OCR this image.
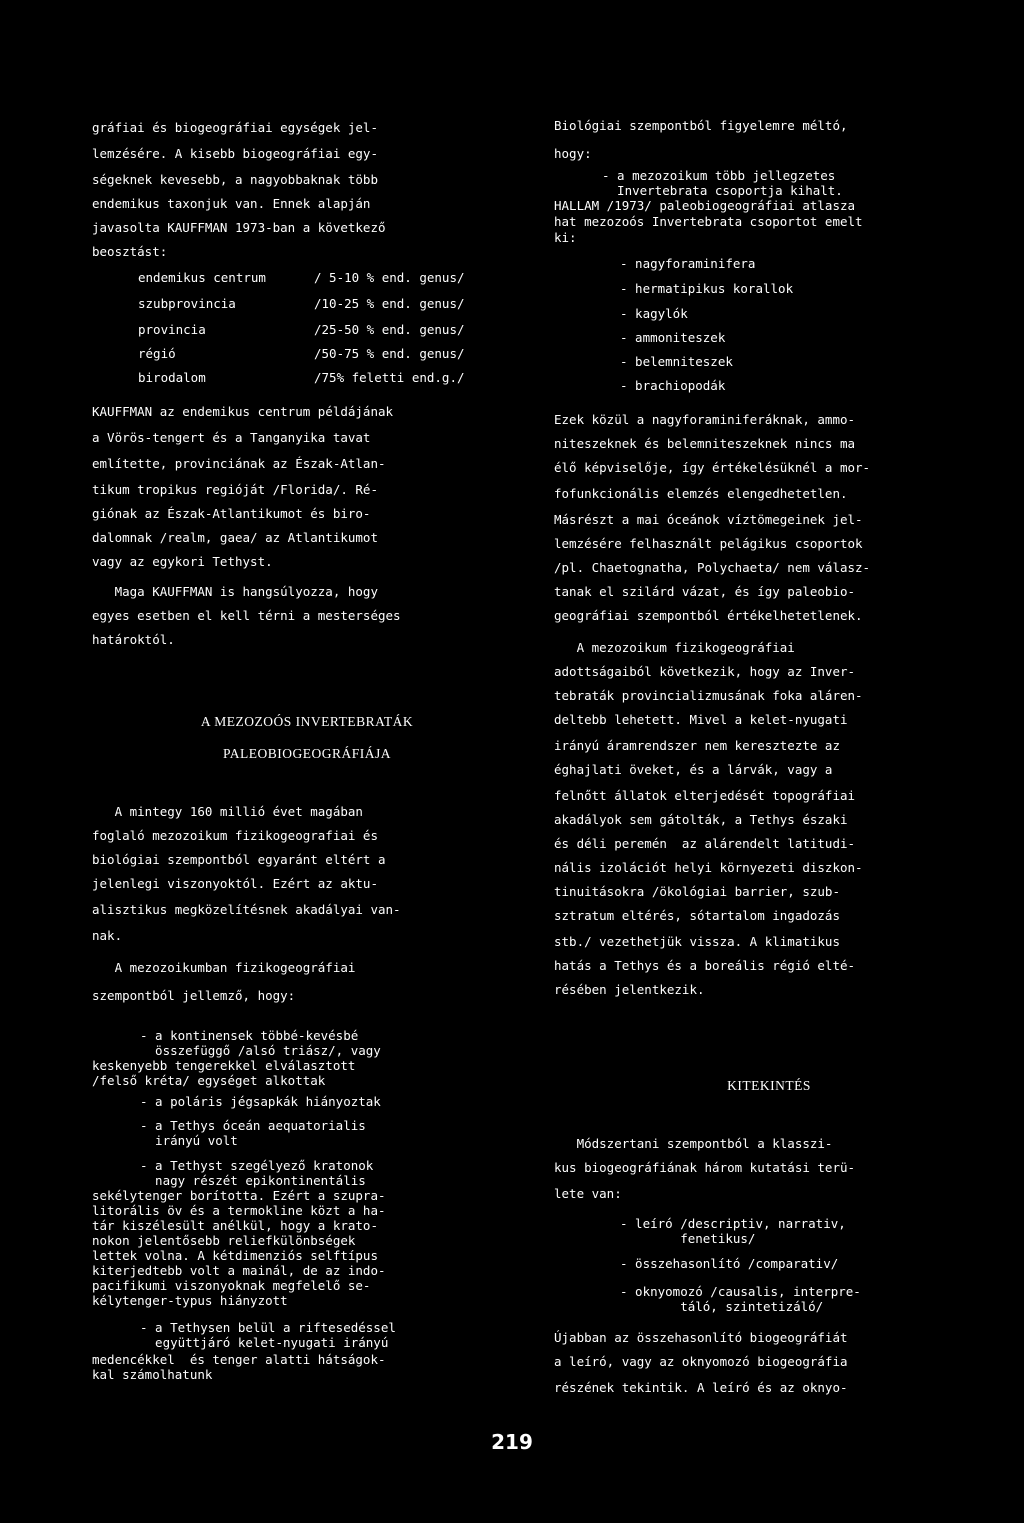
gráfiai és biogeográfiai egységek jel-
lemzésére. A kisebb biogeográfiai egy-
ségeknek kevesebb, a nagyobbaknak több
endemikus taxonjuk van. Ennek alapján
javasolta KAUFFMAN 1973-ban a következő
beosztást:
endemikus centrum	/ 5-10 % end. genus/
szubprovincia	/10-25 % end. genus/
provincia	/25-50 % end. genus/
régió	/50-75 % end. genus/
birodalom	/75% feletti end.g./
KAUFFMAN az endemikus centrum példájának
a Vörös-tengert és a Tanganyika tavat
említette, provinciának az Észak-Atlan-
tikum tropikus regióját /Florida/. Ré-
giónak az Észak-Atlantikumot és biro-
dalomnak /realm, gaea/ az Atlantikumot
vagy az egykori Tethyst.
Maga KAUFFMAN is hangsúlyozza, hogy
egyes esetben el kell térni a mesterséges
határoktól.
A MEZOZOÓS INVERTEBRATÁK
PALEOBIOGEOGRÁFIÁJA
A mintegy 160 millió évet magában
foglaló mezozoikum fizikogeografiai és
biológiai szempontból egyaránt eltért a
jelenlegi viszonyoktól. Ezért az aktu-
alisztikus megközelítésnek akadályai van-
nak.
A mezozoikumban fizikogeográfiai
szempontból jellemző, hogy:
- a kontinensek többé-kevésbé
összefüggő /alsó triász/, vagy
keskenyebb tengerekkel elválasztott
/felső kréta/ egységet alkottak
- a poláris jégsapkák hiányoztak
- a Tethys óceán aequatorialis
irányú volt
- a Tethyst szegélyező kratonok
nagy részét epikontinentális
sekélytenger borította. Ezért a szupra-
litorális öv és a termokline közt a ha-
tár kiszélesült anélkül, hogy a krato-
nokon jelentősebb reliefkülönbségek
lettek volna. A kétdimenziós selftípus
kiterjedtebb volt a mainál, de az indo-
pacifikumi viszonyoknak megfelelő se-
kélytenger-typus hiányzott
- a Tethysen belül a riftesedéssel
együttjáró kelet-nyugati irányú
medencékkel  és tenger alatti hátságok-
kal számolhatunk
Biológiai szempontból figyelemre méltó,
hogy:
- a mezozoikum több jellegzetes
Invertebrata csoportja kihalt.
HALLAM /1973/ paleobiogeográfiai atlasza
hat mezozoós Invertebrata csoportot emelt
ki:
- nagyforaminifera
- hermatipikus korallok
- kagylók
- ammoniteszek
- belemniteszek
- brachiopodák
Ezek közül a nagyforaminiferáknak, ammo-
niteszeknek és belemniteszeknek nincs ma
élő képviselője, így értékelésüknél a mor-
fofunkcionális elemzés elengedhetetlen.
Másrészt a mai óceánok víztömegeinek jel-
lemzésére felhasznált pelágikus csoportok
/pl. Chaetognatha, Polychaeta/ nem válasz-
tanak el szilárd vázat, és így paleobio-
geográfiai szempontból értékelhetetlenek.
A mezozoikum fizikogeográfiai
adottságaiból következik, hogy az Inver-
tebraták provincializmusának foka aláren-
deltebb lehetett. Mivel a kelet-nyugati
irányú áramrendszer nem keresztezte az
éghajlati öveket, és a lárvák, vagy a
felnőtt állatok elterjedését topográfiai
akadályok sem gátolták, a Tethys északi
és déli peremén  az alárendelt latitudi-
nális izolációt helyi környezeti diszkon-
tinuitásokra /ökológiai barrier, szub-
sztratum eltérés, sótartalom ingadozás
stb./ vezethetjük vissza. A klimatikus
hatás a Tethys és a boreális régió elté-
résében jelentkezik.
KITEKINTÉS
Módszertani szempontból a klasszi-
kus biogeográfiának három kutatási terü-
lete van:
- leíró /descriptiv, narrativ,
fenetikus/
- összehasonlító /comparativ/
- oknyomozó /causalis, interpre-
táló, szintetizáló/
Újabban az összehasonlító biogeográfiát
a leíró, vagy az oknyomozó biogeográfia
részének tekintik. A leíró és az oknyo-
219
